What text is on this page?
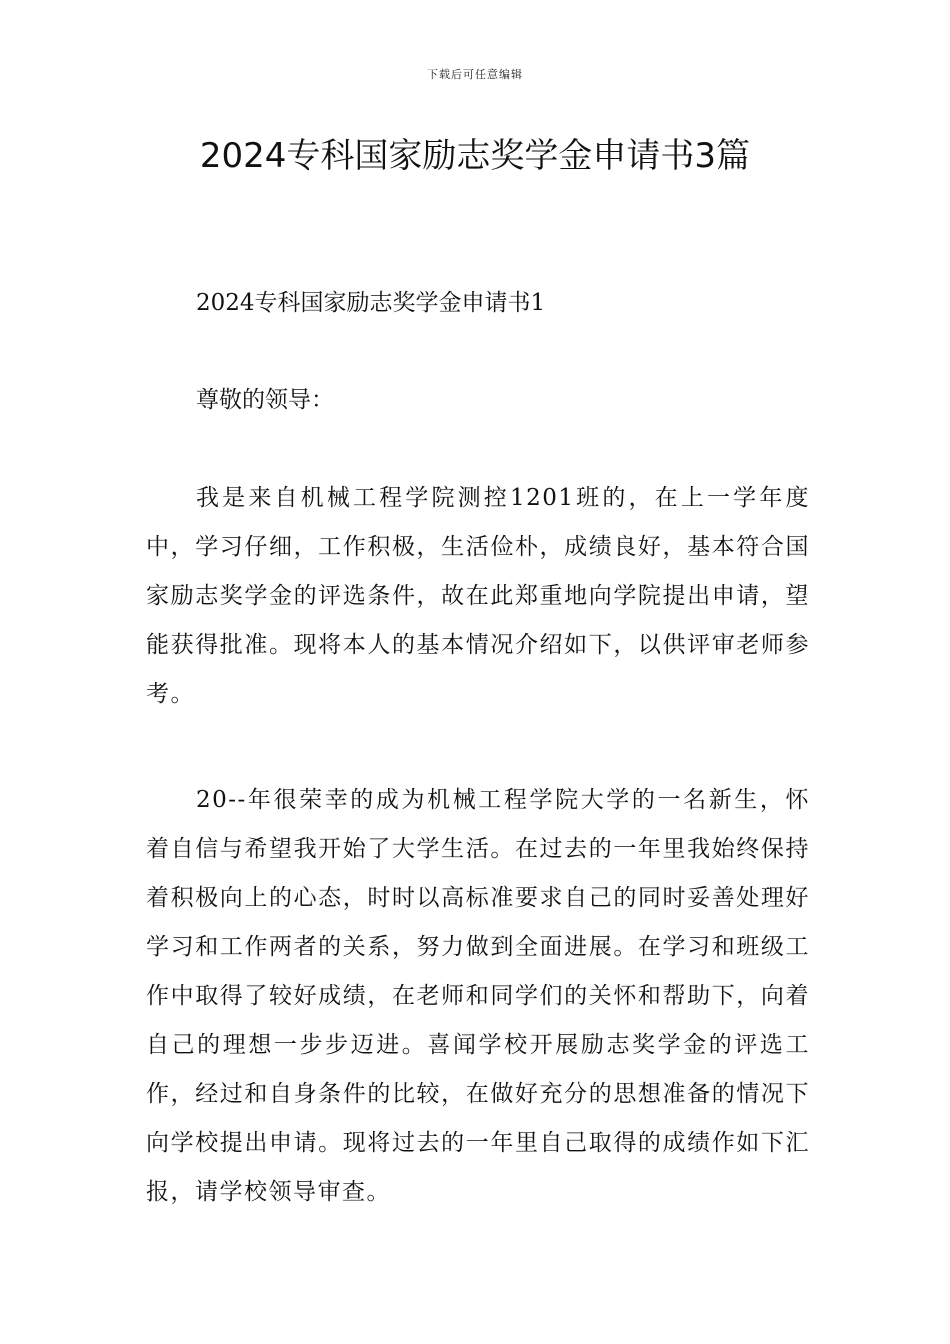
下载后可任意编辑
2024专科国家励志奖学金申请书3篇
2024专科国家励志奖学金申请书1

尊敬的领导：

我是来自机械工程学院测控1201班的，在上一学年度中，学习仔细，工作积极，生活俭朴，成绩良好，基本符合国家励志奖学金的评选条件，故在此郑重地向学院提出申请，望能获得批准。现将本人的基本情况介绍如下，以供评审老师参考。

20--年很荣幸的成为机械工程学院大学的一名新生，怀着自信与希望我开始了大学生活。在过去的一年里我始终保持着积极向上的心态，时时以高标准要求自己的同时妥善处理好学习和工作两者的关系，努力做到全面进展。在学习和班级工作中取得了较好成绩，在老师和同学们的关怀和帮助下，向着自己的理想一步步迈进。喜闻学校开展励志奖学金的评选工作，经过和自身条件的比较，在做好充分的思想准备的情况下向学校提出申请。现将过去的一年里自己取得的成绩作如下汇报，请学校领导审查。
